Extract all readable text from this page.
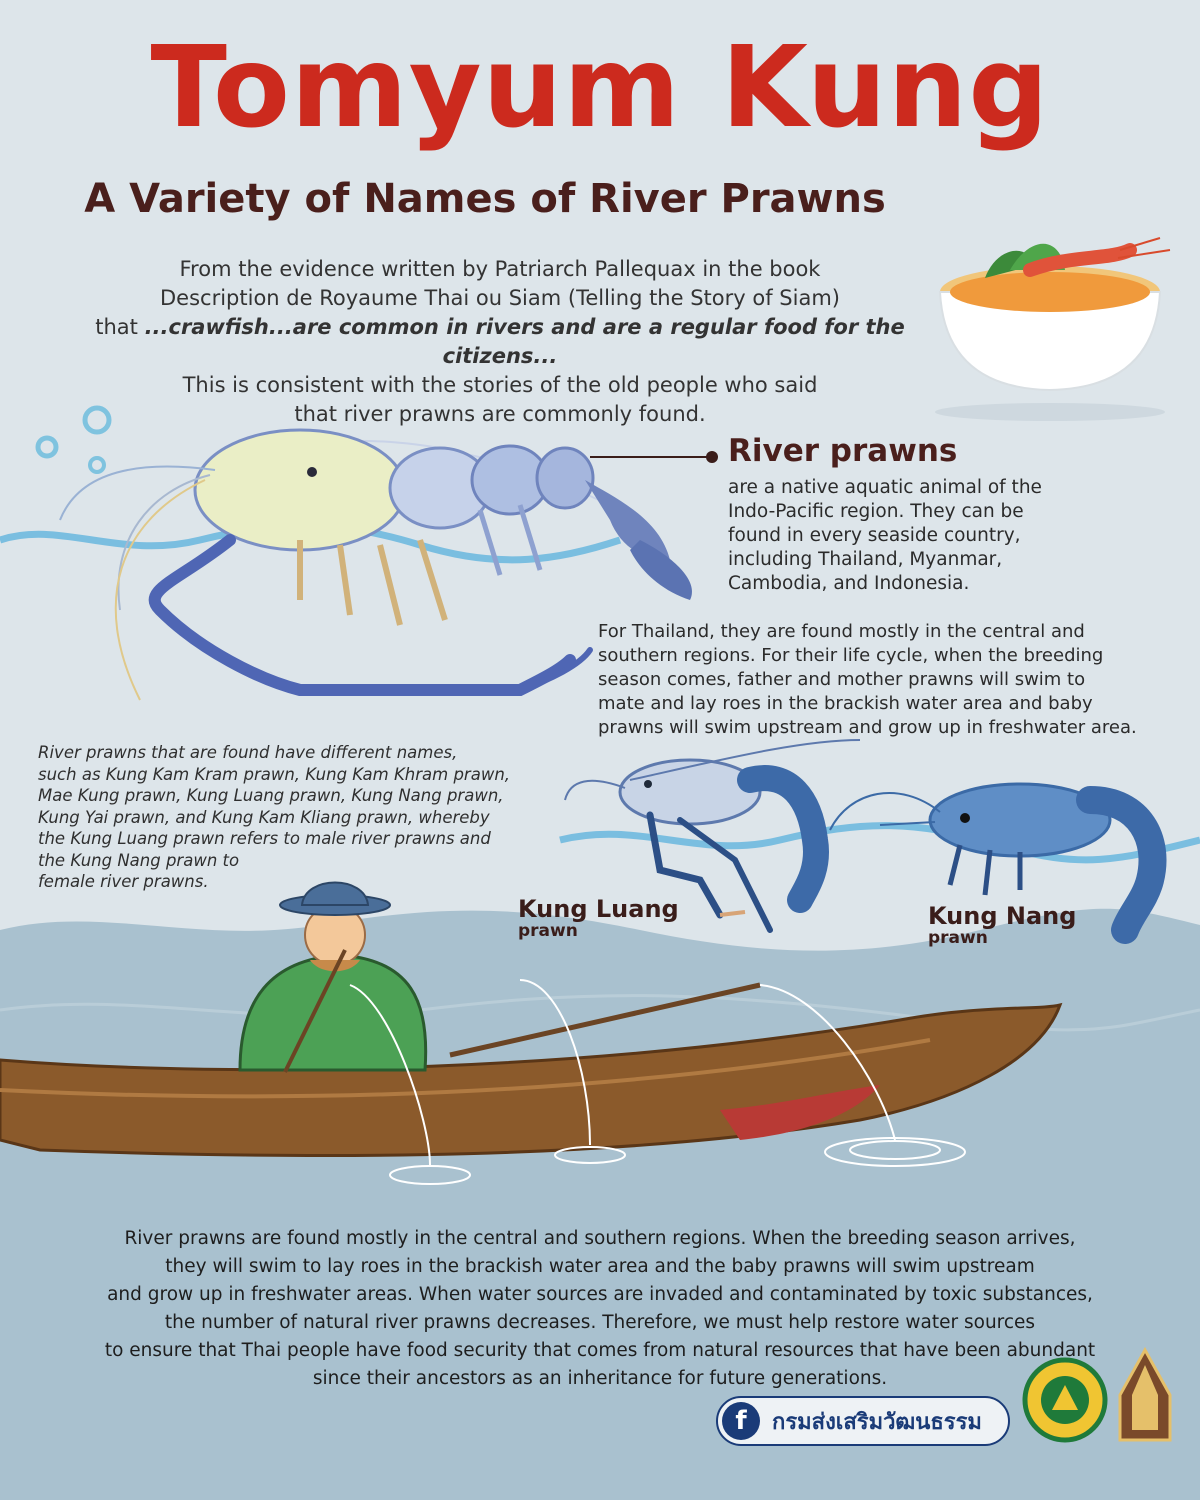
Tomyum Kung
A Variety of Names of River Prawns
From the evidence written by Patriarch Pallequax in the book
Description de Royaume Thai ou Siam (Telling the Story of Siam)
that ...crawfish...are common in rivers and are a regular food for the citizens...
This is consistent with the stories of the old people who said
that river prawns are commonly found.
River prawns
are a native aquatic animal of the
Indo-Pacific region. They can be
found in every seaside country,
including Thailand, Myanmar,
Cambodia, and Indonesia.
For Thailand, they are found mostly in the central and
southern regions. For their life cycle, when the breeding
season comes, father and mother prawns will swim to
mate and lay roes in the brackish water area and baby
prawns will swim upstream and grow up in freshwater area.
River prawns that are found have different names,
such as Kung Kam Kram prawn, Kung Kam Khram prawn,
Mae Kung prawn, Kung Luang prawn, Kung Nang prawn,
Kung Yai prawn, and Kung Kam Kliang prawn, whereby
the Kung Luang prawn refers to male river prawns and
the Kung Nang prawn to
female river prawns.
Kung Luang
prawn
Kung Nang
prawn
River prawns are found mostly in the central and southern regions. When the breeding season arrives,
they will swim to lay roes in the brackish water area and the baby prawns will swim upstream
and grow up in freshwater areas. When water sources are invaded and contaminated by toxic substances,
the number of natural river prawns decreases. Therefore, we must help restore water sources
to ensure that Thai people have food security that comes from natural resources that have been abundant
since their ancestors as an inheritance for future generations.
f	กรมส่งเสริมวัฒนธรรม
